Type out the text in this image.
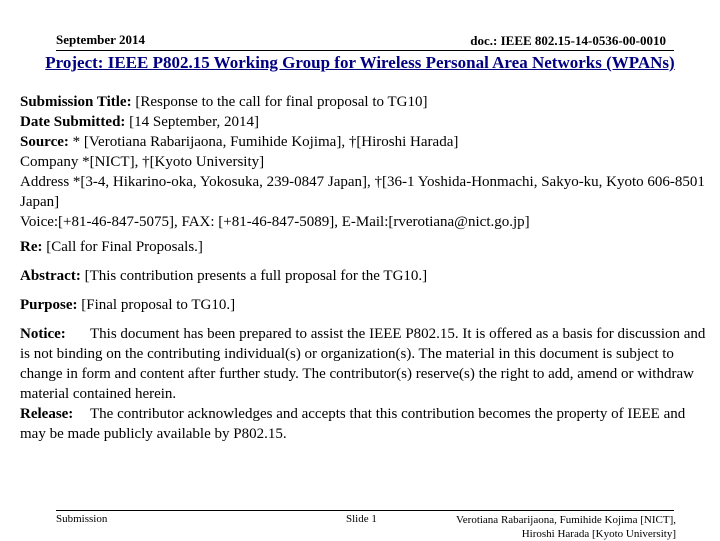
September 2014	doc.: IEEE 802.15-14-0536-00-0010
Project: IEEE P802.15 Working Group for Wireless Personal Area Networks (WPANs)

Submission Title: [Response to the call for final proposal to TG10]

Date Submitted: [14 September, 2014]

Source: * [Verotiana Rabarijaona, Fumihide Kojima], †[Hiroshi Harada]

Company *[NICT], †[Kyoto University]

Address *[3-4, Hikarino-oka, Yokosuka, 239-0847 Japan], †[36-1 Yoshida-Honmachi, Sakyo-ku, Kyoto 606-8501 Japan]

Voice:[+81-46-847-5075], FAX: [+81-46-847-5089], E-Mail:[rverotiana@nict.go.jp]

Re: [Call for Final Proposals.]

Abstract: [This contribution presents a full proposal for the TG10.]

Purpose: [Final proposal to TG10.]

Notice: This document has been prepared to assist the IEEE P802.15. It is offered as a basis for discussion and is not binding on the contributing individual(s) or organization(s). The material in this document is subject to change in form and content after further study. The contributor(s) reserve(s) the right to add, amend or withdraw material contained herein.

Release: The contributor acknowledges and accepts that this contribution becomes the property of IEEE and may be made publicly available by P802.15.

Submission	Slide 1	Verotiana Rabarijaona, Fumihide Kojima [NICT],
Hiroshi Harada [Kyoto University]
